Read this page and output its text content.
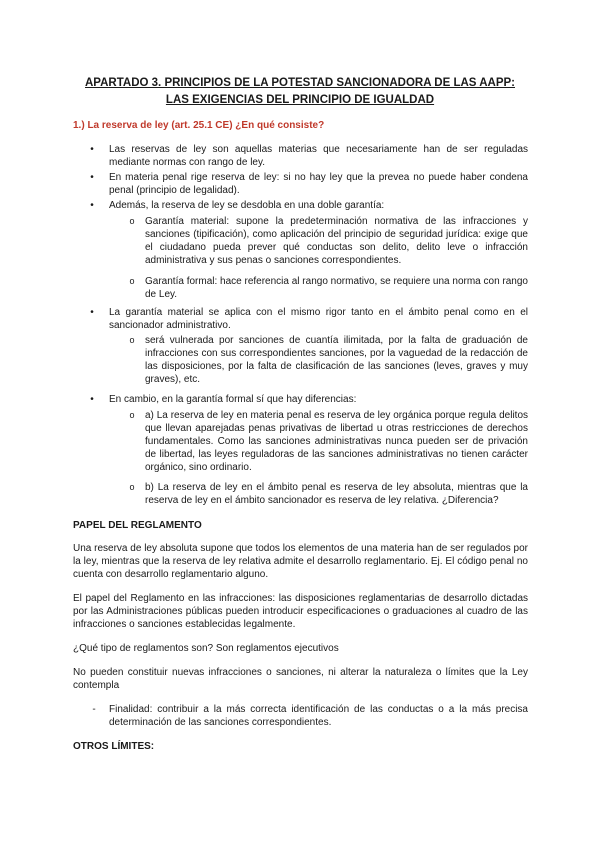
APARTADO 3. PRINCIPIOS DE LA POTESTAD SANCIONADORA DE LAS AAPP:
LAS EXIGENCIAS DEL PRINCIPIO DE IGUALDAD
1.) La reserva de ley (art. 25.1 CE) ¿En qué consiste?
• Las reservas de ley son aquellas materias que necesariamente han de ser reguladas mediante normas con rango de ley.
• En materia penal rige reserva de ley: si no hay ley que la prevea no puede haber condena penal (principio de legalidad).
• Además, la reserva de ley se desdobla en una doble garantía:
o Garantía material: supone la predeterminación normativa de las infracciones y sanciones (tipificación), como aplicación del principio de seguridad jurídica: exige que el ciudadano pueda prever qué conductas son delito, delito leve o infracción administrativa y sus penas o sanciones correspondientes.
o Garantía formal: hace referencia al rango normativo, se requiere una norma con rango de Ley.
• La garantía material se aplica con el mismo rigor tanto en el ámbito penal como en el sancionador administrativo.
o será vulnerada por sanciones de cuantía ilimitada, por la falta de graduación de infracciones con sus correspondientes sanciones, por la vaguedad de la redacción de las disposiciones, por la falta de clasificación de las sanciones (leves, graves y muy graves), etc.
• En cambio, en la garantía formal sí que hay diferencias:
o a) La reserva de ley en materia penal es reserva de ley orgánica porque regula delitos que llevan aparejadas penas privativas de libertad u otras restricciones de derechos fundamentales. Como las sanciones administrativas nunca pueden ser de privación de libertad, las leyes reguladoras de las sanciones administrativas no tienen carácter orgánico, sino ordinario.
o b) La reserva de ley en el ámbito penal es reserva de ley absoluta, mientras que la reserva de ley en el ámbito sancionador es reserva de ley relativa. ¿Diferencia?
PAPEL DEL REGLAMENTO
Una reserva de ley absoluta supone que todos los elementos de una materia han de ser regulados por la ley, mientras que la reserva de ley relativa admite el desarrollo reglamentario. Ej. El código penal no cuenta con desarrollo reglamentario alguno.
El papel del Reglamento en las infracciones: las disposiciones reglamentarias de desarrollo dictadas por las Administraciones públicas pueden introducir especificaciones o graduaciones al cuadro de las infracciones o sanciones establecidas legalmente.
¿Qué tipo de reglamentos son? Son reglamentos ejecutivos
No pueden constituir nuevas infracciones o sanciones, ni alterar la naturaleza o límites que la Ley contempla
- Finalidad: contribuir a la más correcta identificación de las conductas o a la más precisa determinación de las sanciones correspondientes.
OTROS LÍMITES:
